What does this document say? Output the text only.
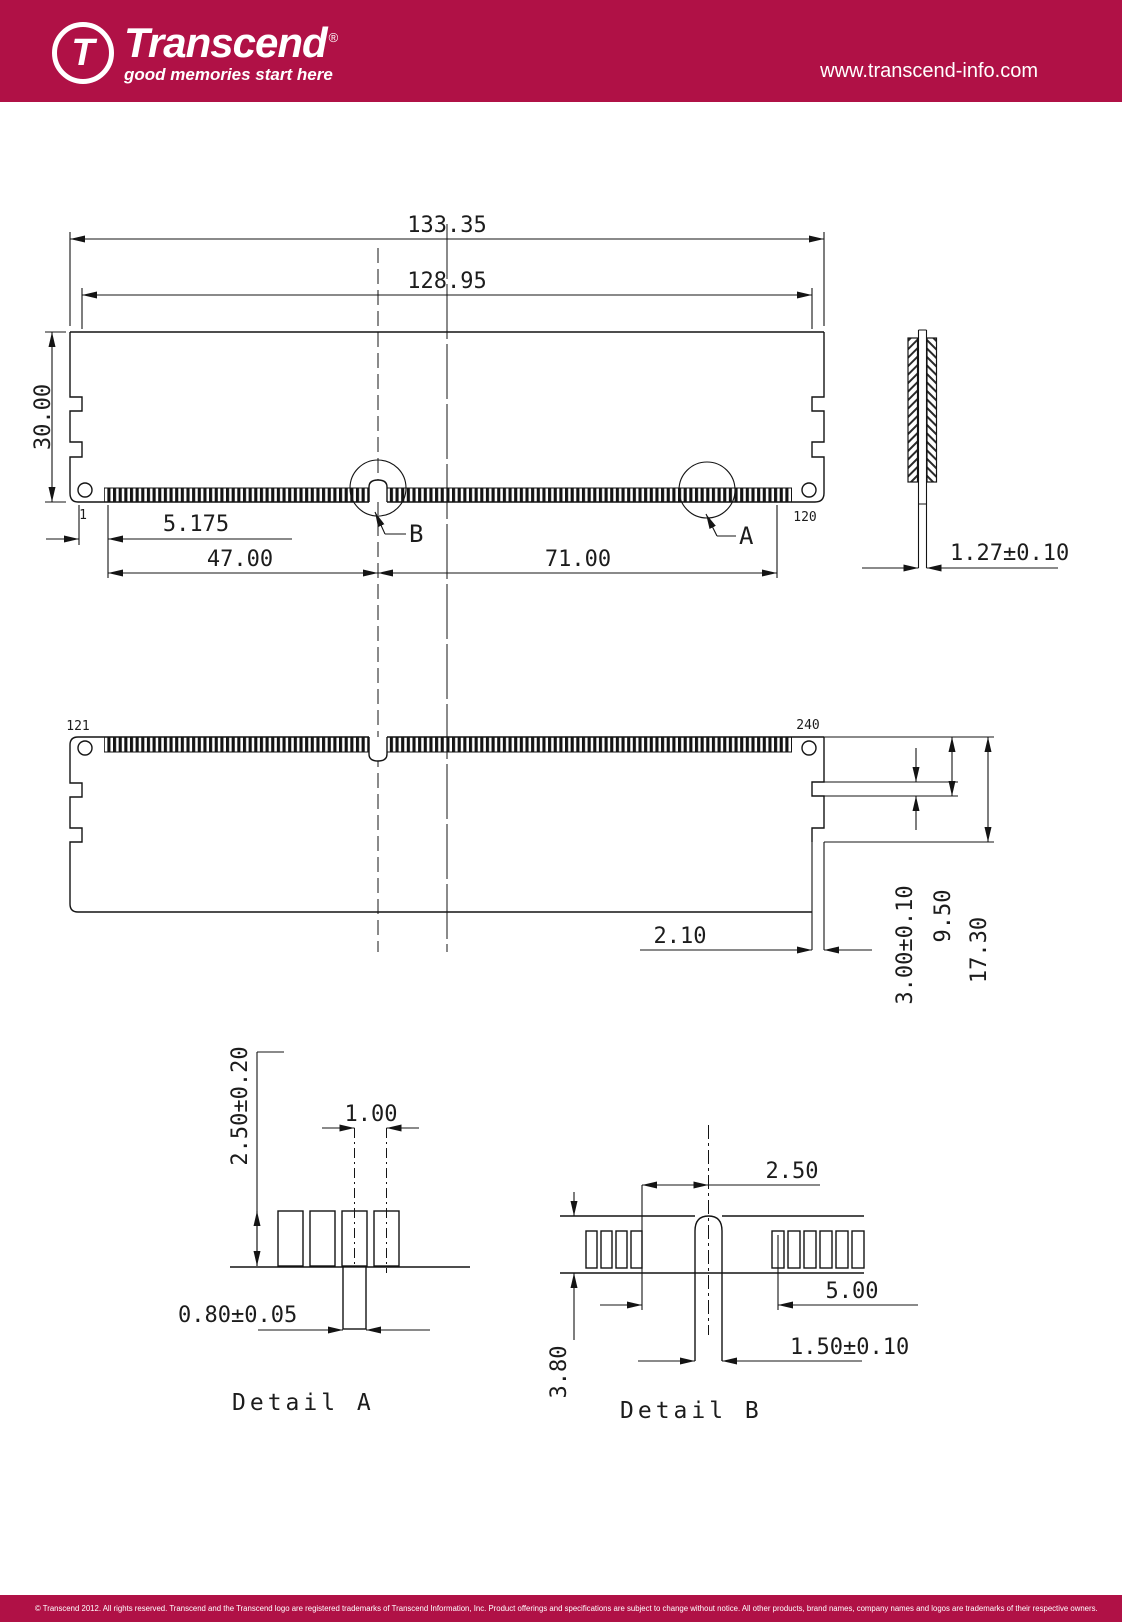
T Transcend ®
good memories start here	www.transcend-info.com
1	120
B	A
133.35
128.95
30.00
5.175
47.00	71.00	1.27±0.10
121	240
9.50
17.30
3.00±0.10
2.10
2.50±0.20	1.00
0.80±0.05
Detail A
2.50
3.80
5.00
1.50±0.10
Detail B
© Transcend 2012. All rights reserved. Transcend and the Transcend logo are registered trademarks of Transcend Information, Inc. Product offerings and specifications are subject to change without notice. All other products, brand names, company names and logos are trademarks of their respective owners.
